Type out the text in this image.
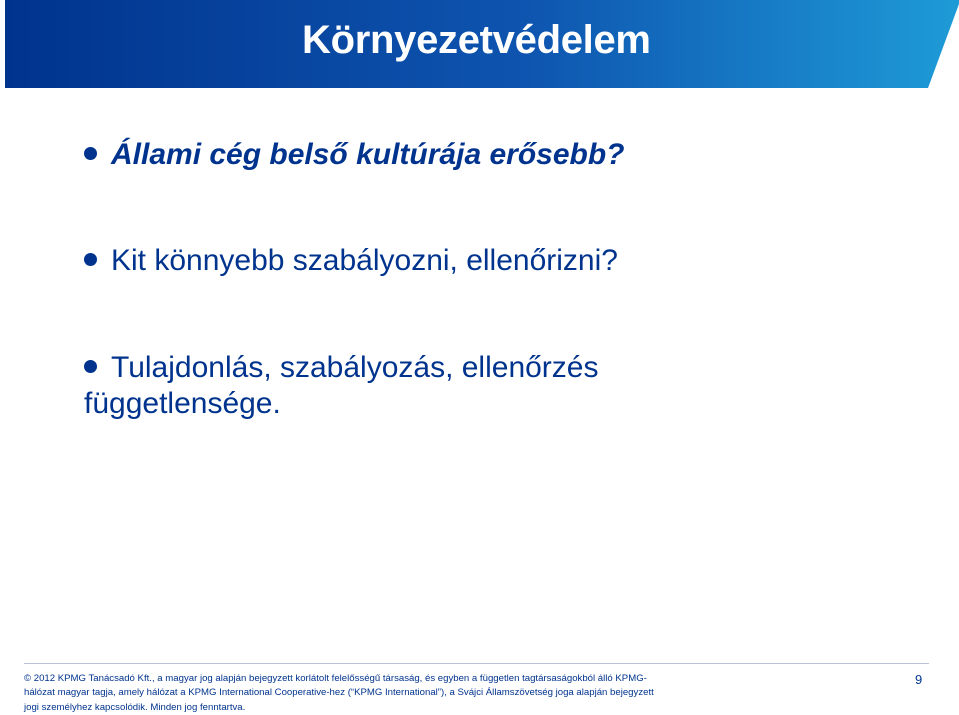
Környezetvédelem

Állami cég belső kultúrája erősebb?

Kit könnyebb szabályozni, ellenőrizni?

Tulajdonlás, szabályozás, ellenőrzés függetlensége.

© 2012 KPMG Tanácsadó Kft., a magyar jog alapján bejegyzett korlátolt felelősségű társaság, és egyben a független tagtársaságokból álló KPMG-hálózat magyar tagja, amely hálózat a KPMG International Cooperative-hez (“KPMG International”), a Svájci Államszövetség joga alapján bejegyzett jogi személyhez kapcsolódik. Minden jog fenntartva.

9
